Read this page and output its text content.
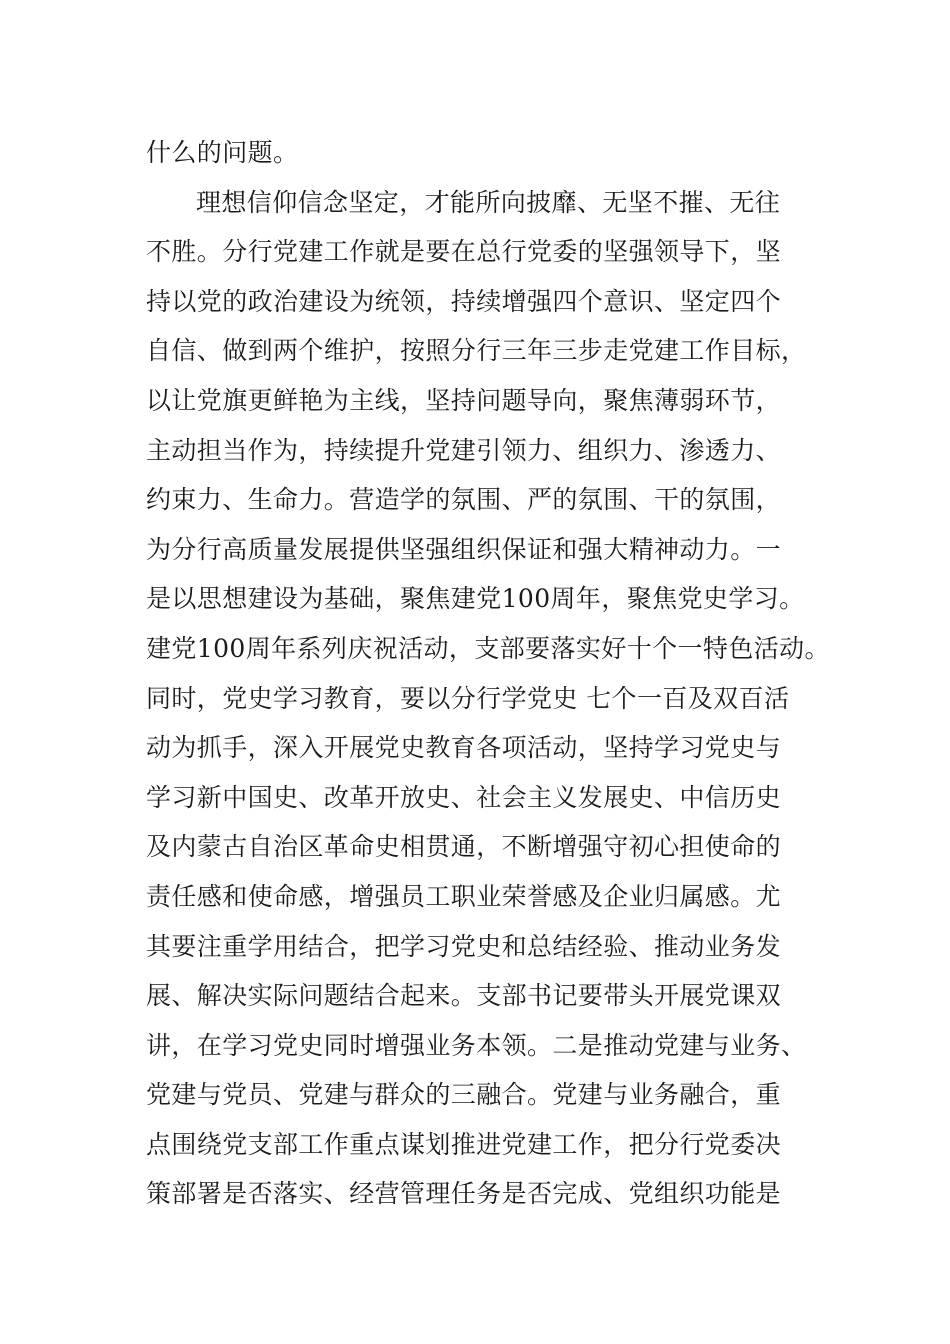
什么的问题。
理想信仰信念坚定，才能所向披靡、无坚不摧、无往
不胜。分行党建工作就是要在总行党委的坚强领导下，坚
持以党的政治建设为统领，持续增强四个意识、坚定四个
自信、做到两个维护，按照分行三年三步走党建工作目标，
以让党旗更鲜艳为主线，坚持问题导向，聚焦薄弱环节，
主动担当作为，持续提升党建引领力、组织力、渗透力、
约束力、生命力。营造学的氛围、严的氛围、干的氛围，
为分行高质量发展提供坚强组织保证和强大精神动力。一
是以思想建设为基础，聚焦建党100周年，聚焦党史学习。
建党100周年系列庆祝活动，支部要落实好十个一特色活动。
同时，党史学习教育，要以分行学党史 七个一百及双百活
动为抓手，深入开展党史教育各项活动，坚持学习党史与
学习新中国史、改革开放史、社会主义发展史、中信历史
及内蒙古自治区革命史相贯通，不断增强守初心担使命的
责任感和使命感，增强员工职业荣誉感及企业归属感。尤
其要注重学用结合，把学习党史和总结经验、推动业务发
展、解决实际问题结合起来。支部书记要带头开展党课双
讲，在学习党史同时增强业务本领。二是推动党建与业务、
党建与党员、党建与群众的三融合。党建与业务融合，重
点围绕党支部工作重点谋划推进党建工作，把分行党委决
策部署是否落实、经营管理任务是否完成、党组织功能是
